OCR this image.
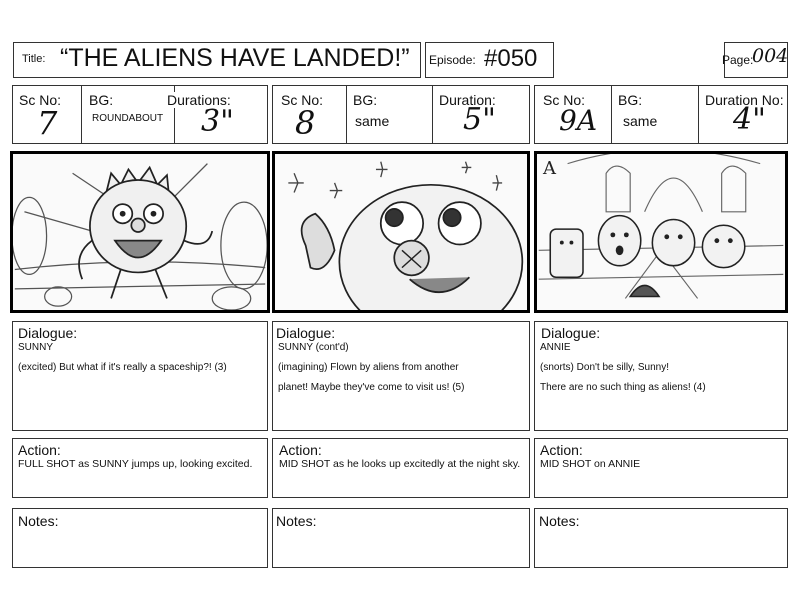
Title: “THE ALIENS HAVE LANDED!” Episode: #050	Page:
004
Sc No:
7
BG:
ROUNDABOUT
Durations:
3"
Sc No:
8
BG:
same
Duration:
5"
Sc No:
9A
BG:
same
Duration No:
4"
A
Dialogue:
SUNNY
(excited) But what if it's really a spaceship?! (3)
Dialogue:
SUNNY (cont'd)
(imagining) Flown by aliens from another
planet! Maybe they've come to visit us! (5)
Dialogue:
ANNIE
(snorts) Don't be silly, Sunny!
There are no such thing as aliens! (4)
Action:
FULL SHOT as SUNNY jumps up, looking excited.
Action:
MID SHOT as he looks up excitedly at the night sky.
Action:
MID SHOT on ANNIE
Notes:	Notes:	Notes:
